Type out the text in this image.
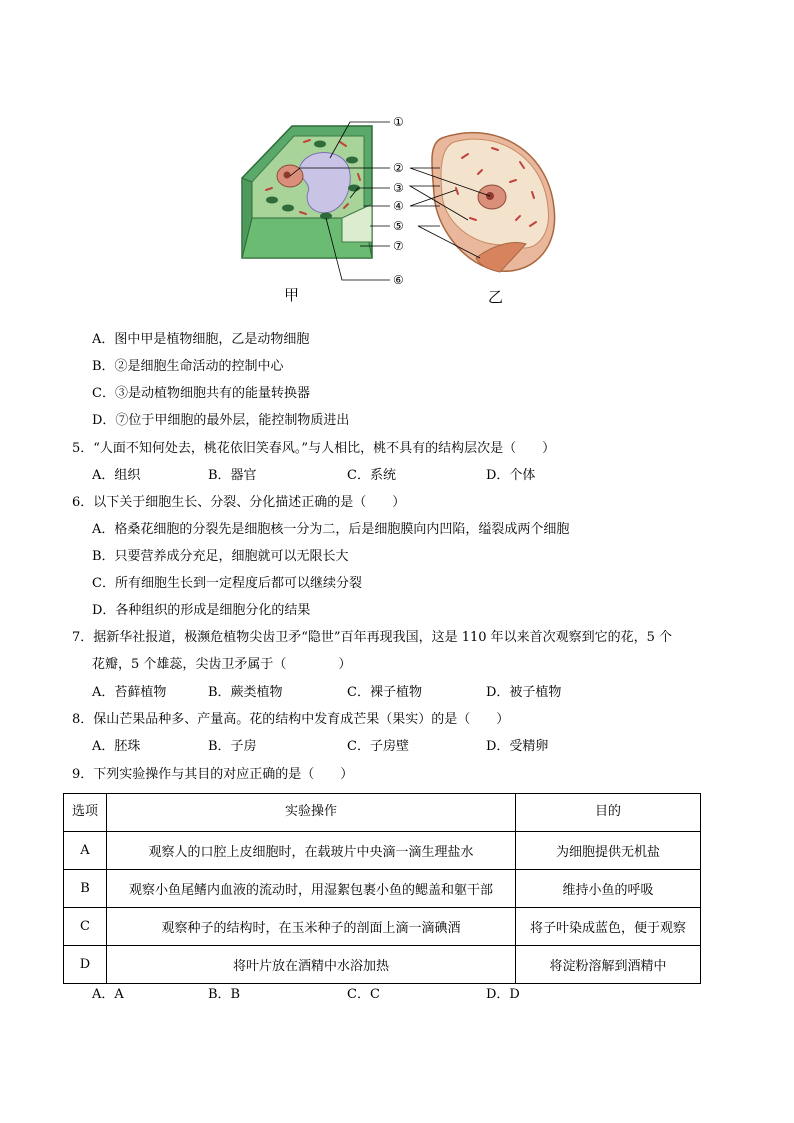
①
②
③
④
⑤
⑦
⑥
甲	乙
A．图中甲是植物细胞，乙是动物细胞
B．②是细胞生命活动的控制中心
C．③是动植物细胞共有的能量转换器
D．⑦位于甲细胞的最外层，能控制物质进出
5．“人面不知何处去，桃花依旧笑春风。”与人相比，桃不具有的结构层次是（　　）
A．组织	B．器官	C．系统	D．个体
6．以下关于细胞生长、分裂、分化描述正确的是（　　）
A．格桑花细胞的分裂先是细胞核一分为二，后是细胞膜向内凹陷，缢裂成两个细胞
B．只要营养成分充足，细胞就可以无限长大
C．所有细胞生长到一定程度后都可以继续分裂
D．各种组织的形成是细胞分化的结果
7．据新华社报道，极濒危植物尖齿卫矛“隐世”百年再现我国，这是 110 年以来首次观察到它的花，5 个
花瓣，5 个雄蕊，尖齿卫矛属于（　　　　）
A．苔藓植物	B．蕨类植物	C．裸子植物	D．被子植物
8．保山芒果品种多、产量高。花的结构中发育成芒果（果实）的是（　　）
A．胚珠	B．子房	C．子房壁	D．受精卵
9．下列实验操作与其目的对应正确的是（　　）
选项	实验操作	目的
A	观察人的口腔上皮细胞时，在载玻片中央滴一滴生理盐水	为细胞提供无机盐
B	观察小鱼尾鳍内血液的流动时，用湿絮包裹小鱼的鳃盖和躯干部	维持小鱼的呼吸
C	观察种子的结构时，在玉米种子的剖面上滴一滴碘酒	将子叶染成蓝色，便于观察
D	将叶片放在酒精中水浴加热	将淀粉溶解到酒精中
A．A	B．B	C．C	D．D
